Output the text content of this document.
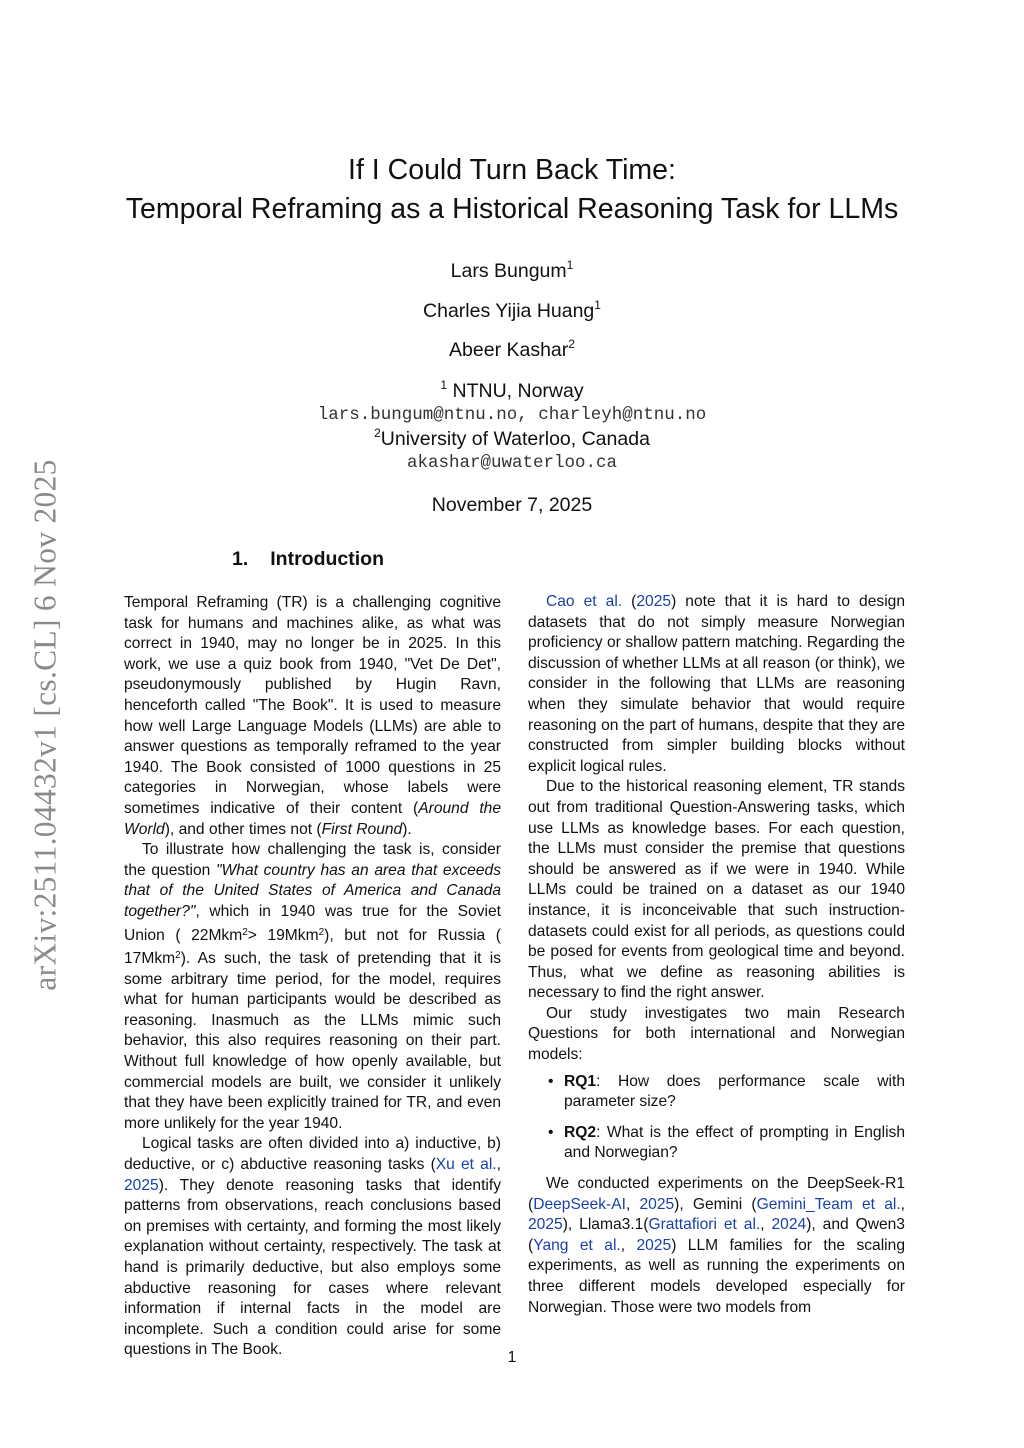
arXiv:2511.04432v1 [cs.CL] 6 Nov 2025
If I Could Turn Back Time:
Temporal Reframing as a Historical Reasoning Task for LLMs
Lars Bungum$^1$
Charles Yijia Huang$^1$
Abeer Kashar$^2$
$^1$ NTNU, Norway
lars.bungum@ntnu.no, charleyh@ntnu.no
$^2$University of Waterloo, Canada
akashar@uwaterloo.ca
November 7, 2025
1. Introduction

Temporal Reframing (TR) is a challenging cognitive task for humans and machines alike, as what was correct in 1940, may no longer be in 2025. In this work, we use a quiz book from 1940, "Vet De Det", pseudonymously published by Hugin Ravn, henceforth called "The Book". It is used to measure how well Large Language Models (LLMs) are able to answer questions as temporally reframed to the year 1940. The Book consisted of 1000 questions in 25 categories in Norwegian, whose labels were sometimes indicative of their content (Around the World), and other times not (First Round).

To illustrate how challenging the task is, consider the question "What country has an area that exceeds that of the United States of America and Canada together?", which in 1940 was true for the Soviet Union ( 22Mkm$^2$> 19Mkm$^2$), but not for Russia ( 17Mkm$^2$). As such, the task of pretending that it is some arbitrary time period, for the model, requires what for human participants would be described as reasoning. Inasmuch as the LLMs mimic such behavior, this also requires reasoning on their part. Without full knowledge of how openly available, but commercial models are built, we consider it unlikely that they have been explicitly trained for TR, and even more unlikely for the year 1940.

Logical tasks are often divided into a) inductive, b) deductive, or c) abductive reasoning tasks (Xu et al., 2025). They denote reasoning tasks that identify patterns from observations, reach conclusions based on premises with certainty, and forming the most likely explanation without certainty, respectively. The task at hand is primarily deductive, but also employs some abductive reasoning for cases where relevant information if internal facts in the model are incomplete. Such a condition could arise for some questions in The Book.

Cao et al. (2025) note that it is hard to design datasets that do not simply measure Norwegian proficiency or shallow pattern matching. Regarding the discussion of whether LLMs at all reason (or think), we consider in the following that LLMs are reasoning when they simulate behavior that would require reasoning on the part of humans, despite that they are constructed from simpler building blocks without explicit logical rules.

Due to the historical reasoning element, TR stands out from traditional Question-Answering tasks, which use LLMs as knowledge bases. For each question, the LLMs must consider the premise that questions should be answered as if we were in 1940. While LLMs could be trained on a dataset as our 1940 instance, it is inconceivable that such instruction-datasets could exist for all periods, as questions could be posed for events from geological time and beyond. Thus, what we define as reasoning abilities is necessary to find the right answer.

Our study investigates two main Research Questions for both international and Norwegian models:

• RQ1: How does performance scale with parameter size?
• RQ2: What is the effect of prompting in English and Norwegian?

We conducted experiments on the DeepSeek-R1 (DeepSeek-AI, 2025), Gemini (Gemini_Team et al., 2025), Llama3.1(Grattafiori et al., 2024), and Qwen3 (Yang et al., 2025) LLM families for the scaling experiments, as well as running the experiments on three different models developed especially for Norwegian. Those were two models from

1
